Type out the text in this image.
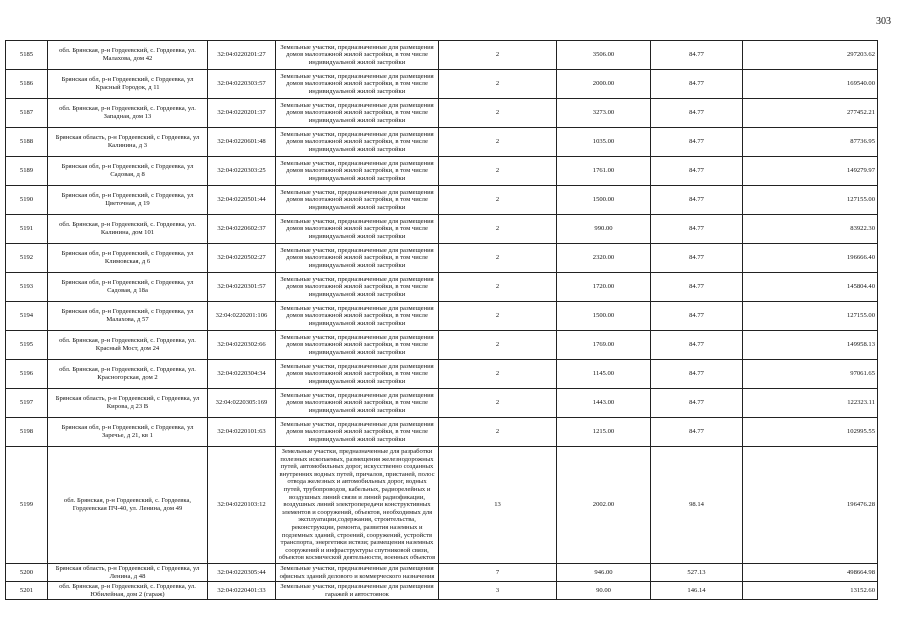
303
5185	обл. Брянская, р-н Гордеевский, с. Гордеевка, ул. Малахова, дом 42	32:04:0220201:27	Земельные участки, предназначенные для размещения домов малоэтажной жилой застройки, в том числе индивидуальной жилой застройки	2	3506.00	84.77	297203.62
5186	Брянская обл, р-н Гордеевский, с Гордеевка, ул Красный Городок, д 11	32:04:0220303:57	Земельные участки, предназначенные для размещения домов малоэтажной жилой застройки, в том числе индивидуальной жилой застройки	2	2000.00	84.77	169540.00
5187	обл. Брянская, р-н Гордеевский, с. Гордеевка, ул. Западная, дом 13	32:04:0220201:37	Земельные участки, предназначенные для размещения домов малоэтажной жилой застройки, в том числе индивидуальной жилой застройки	2	3273.00	84.77	277452.21
5188	Брянская область, р-н Гордеевский, с Гордеевка, ул Калинина, д 3	32:04:0220601:48	Земельные участки, предназначенные для размещения домов малоэтажной жилой застройки, в том числе индивидуальной жилой застройки	2	1035.00	84.77	87736.95
5189	Брянская обл, р-н Гордеевский, с Гордеевка, ул Садовая, д 8	32:04:0220303:25	Земельные участки, предназначенные для размещения домов малоэтажной жилой застройки, в том числе индивидуальной жилой застройки	2	1761.00	84.77	149279.97
5190	Брянская обл, р-н Гордеевский, с Гордеевка, ул Цветочная, д 19	32:04:0220501:44	Земельные участки, предназначенные для размещения домов малоэтажной жилой застройки, в том числе индивидуальной жилой застройки	2	1500.00	84.77	127155.00
5191	обл. Брянская, р-н Гордеевский, с. Гордеевка, ул. Калинина, дом 101	32:04:0220602:37	Земельные участки, предназначенные для размещения домов малоэтажной жилой застройки, в том числе индивидуальной жилой застройки	2	990.00	84.77	83922.30
5192	Брянская обл, р-н Гордеевский, с Гордеевка, ул Климовская, д 6	32:04:0220502:27	Земельные участки, предназначенные для размещения домов малоэтажной жилой застройки, в том числе индивидуальной жилой застройки	2	2320.00	84.77	196666.40
5193	Брянская обл, р-н Гордеевский, с Гордеевка, ул Садовая, д 18а	32:04:0220301:57	Земельные участки, предназначенные для размещения домов малоэтажной жилой застройки, в том числе индивидуальной жилой застройки	2	1720.00	84.77	145804.40
5194	Брянская обл, р-н Гордеевский, с Гордеевка, ул Малахова, д 57	32:04:0220201:106	Земельные участки, предназначенные для размещения домов малоэтажной жилой застройки, в том числе индивидуальной жилой застройки	2	1500.00	84.77	127155.00
5195	обл. Брянская, р-н Гордеевский, с. Гордеевка, ул. Красный Мост, дом 24	32:04:0220302:66	Земельные участки, предназначенные для размещения домов малоэтажной жилой застройки, в том числе индивидуальной жилой застройки	2	1769.00	84.77	149958.13
5196	обл. Брянская, р-н Гордеевский, с. Гордеевка, ул. Красногорская, дом 2	32:04:0220304:34	Земельные участки, предназначенные для размещения домов малоэтажной жилой застройки, в том числе индивидуальной жилой застройки	2	1145.00	84.77	97061.65
5197	Брянская область, р-н Гордеевский, с Гордеевка, ул Кирова, д 23 В	32:04:0220305:169	Земельные участки, предназначенные для размещения домов малоэтажной жилой застройки, в том числе индивидуальной жилой застройки	2	1443.00	84.77	122323.11
5198	Брянская обл, р-н Гордеевский, с Гордеевка, ул Заречье, д 21, кв 1	32:04:0220101:63	Земельные участки, предназначенные для размещения домов малоэтажной жилой застройки, в том числе индивидуальной жилой застройки	2	1215.00	84.77	102995.55
5199	обл. Брянская, р-н Гордеевский, с. Гордеевка, Гордеевская ПЧ-40, ул. Ленина, дом 49	32:04:0220103:12	Земельные участки, предназначенные для разработки полезных ископаемых, размещения железнодорожных путей, автомобильных дорог, искусственно созданных внутренних водных путей, причалов, пристаней, полос отвода железных и автомобильных дорог, водных путей, трубопроводов, кабельных, радиорелейных и воздушных линий связи и линий радиофикации, воздушных линий электропередачи конструктивных элементов и сооружений, объектов, необходимых для эксплуатации,содержания, строительства, реконструкции, ремонта, развития наземных и подземных зданий, строений, сооружений, устройств транспорта, энергетики истязи; размещения наземных сооружений и инфраструктуры спутниковой связи, объектов космической деятельности, военных объектов	13	2002.00	98.14	196476.28
5200	Брянская область, р-н Гордеевский, с Гордеевка, ул Ленина, д 48	32:04:0220305:44	Земельные участки, предназначенные для размещения офисных зданий делового и коммерческого назначения	7	946.00	527.13	498664.98
5201	обл. Брянская, р-н Гордеевский, с. Гордеевка, ул. Юбилейная, дом 2 (гараж)	32:04:0220401:33	Земельные участки, предназначенные для размещения гаражей и автостоянок	3	90.00	146.14	13152.60
